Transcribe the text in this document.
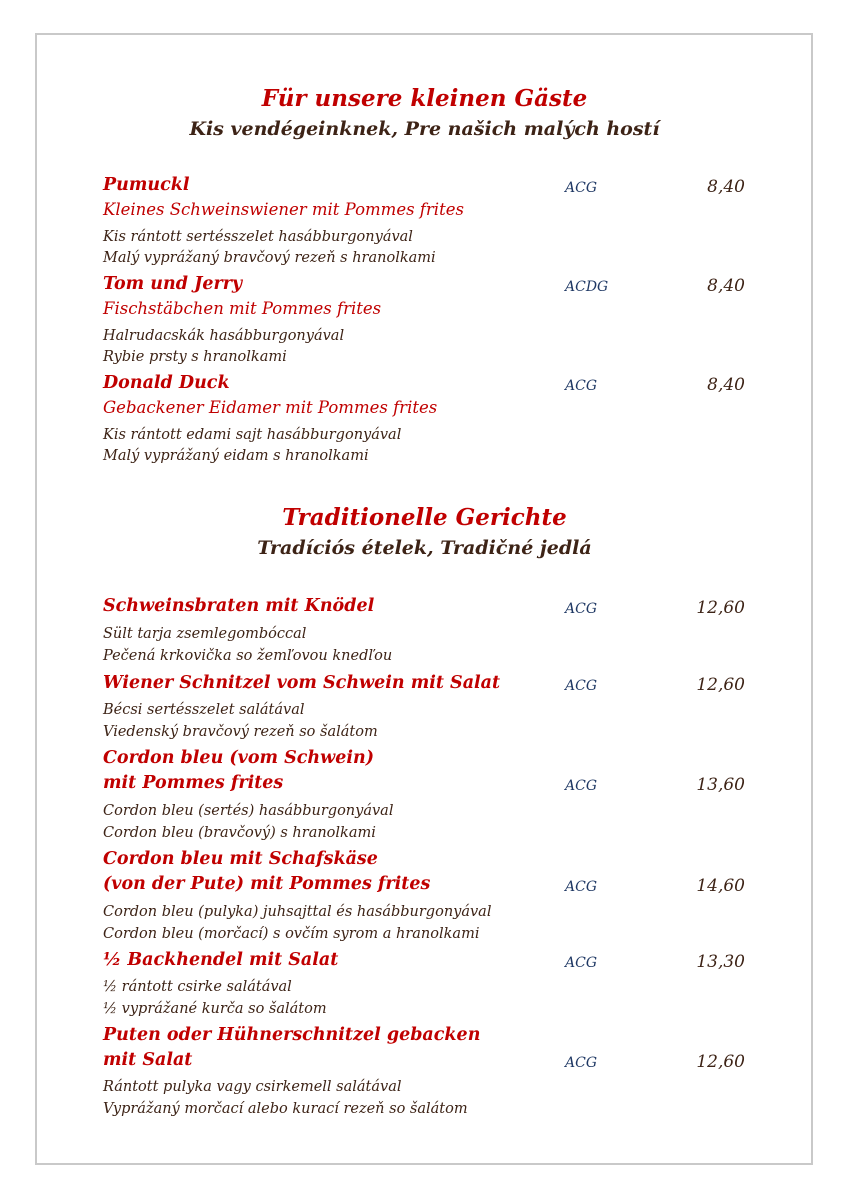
Für unsere kleinen Gäste
Kis vendégeinknek, Pre našich malých hostí
Pumuckl	ACG	8,40
Kleines Schweinswiener mit Pommes frites
Kis rántott sertésszelet hasábburgonyával
Malý vyprážaný bravčový rezeň s hranolkami
Tom und Jerry	ACDG	8,40
Fischstäbchen mit Pommes frites
Halrudacskák hasábburgonyával
Rybie prsty s hranolkami
Donald Duck	ACG	8,40
Gebackener Eidamer mit Pommes frites
Kis rántott edami sajt hasábburgonyával
Malý vyprážaný eidam s hranolkami
Traditionelle Gerichte
Tradíciós ételek, Tradičné jedlá
Schweinsbraten mit Knödel	ACG	12,60
Sült tarja zsemlegombóccal
Pečená krkovička so žemľovou knedľou
Wiener Schnitzel vom Schwein mit Salat	ACG	12,60
Bécsi sertésszelet salátával
Viedenský bravčový rezeň so šalátom
Cordon bleu (vom Schwein)
mit Pommes frites	ACG	13,60
Cordon bleu (sertés) hasábburgonyával
Cordon bleu (bravčový) s hranolkami
Cordon bleu mit Schafskäse
(von der Pute) mit Pommes frites	ACG	14,60
Cordon bleu (pulyka) juhsajttal és hasábburgonyával
Cordon bleu (morčací) s ovčím syrom a hranolkami
½ Backhendel mit Salat	ACG	13,30
½ rántott csirke salátával
½ vyprážané kurča so šalátom
Puten oder Hühnerschnitzel gebacken
mit Salat	ACG	12,60
Rántott pulyka vagy csirkemell salátával
Vyprážaný morčací alebo kurací rezeň so šalátom
